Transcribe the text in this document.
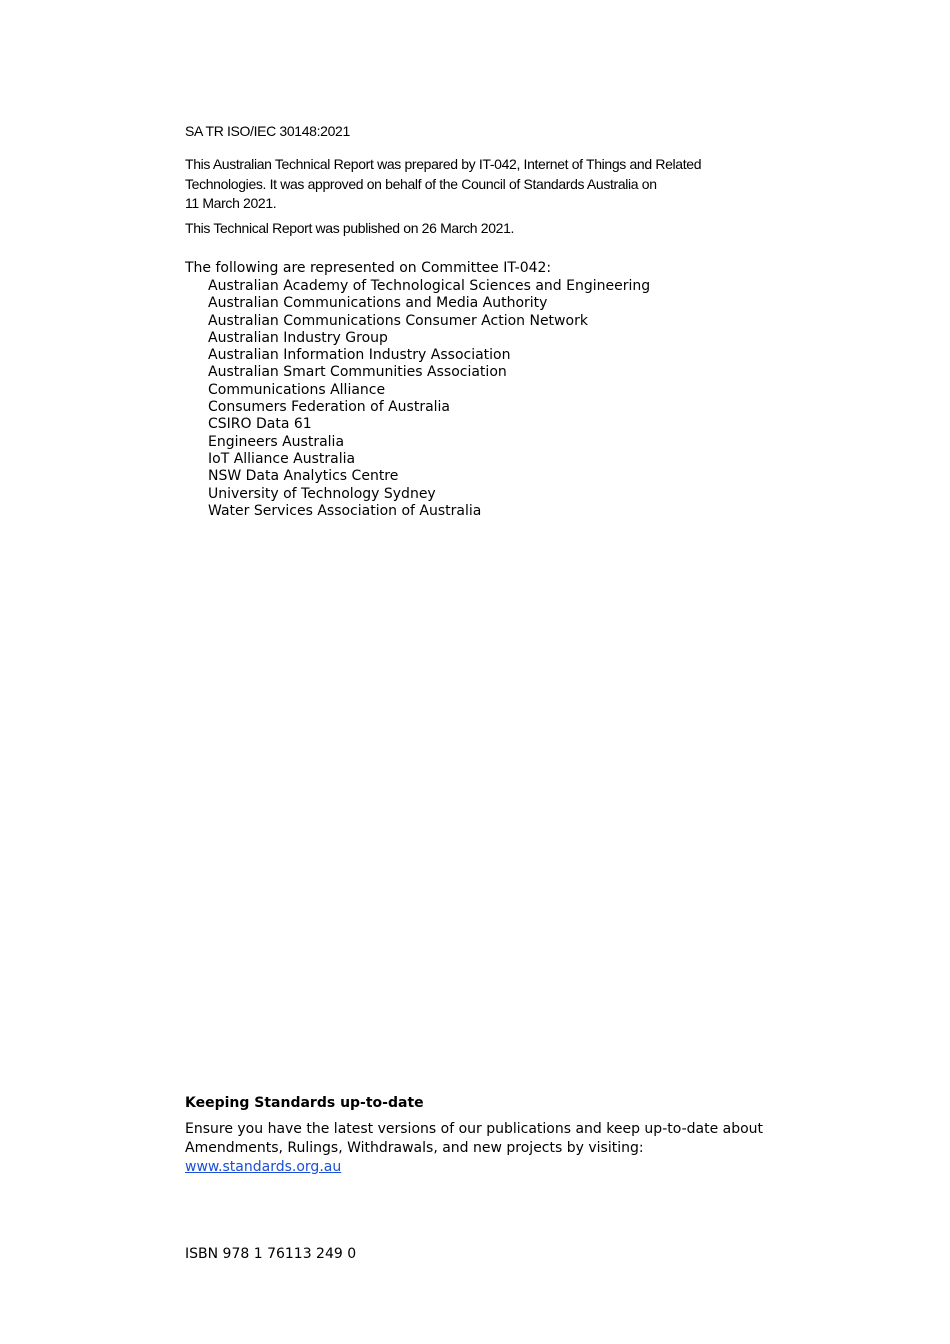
SA TR ISO/IEC 30148:2021

This Australian Technical Report was prepared by IT-042, Internet of Things and Related
Technologies. It was approved on behalf of the Council of Standards Australia on
11 March 2021.

This Technical Report was published on 26 March 2021.

The following are represented on Committee IT-042:

Australian Academy of Technological Sciences and Engineering
Australian Communications and Media Authority
Australian Communications Consumer Action Network
Australian Industry Group
Australian Information Industry Association
Australian Smart Communities Association
Communications Alliance
Consumers Federation of Australia
CSIRO Data 61
Engineers Australia
IoT Alliance Australia
NSW Data Analytics Centre
University of Technology Sydney
Water Services Association of Australia

Keeping Standards up-to-date

Ensure you have the latest versions of our publications and keep up-to-date about
Amendments, Rulings, Withdrawals, and new projects by visiting:
www.standards.org.au

ISBN 978 1 76113 249 0
